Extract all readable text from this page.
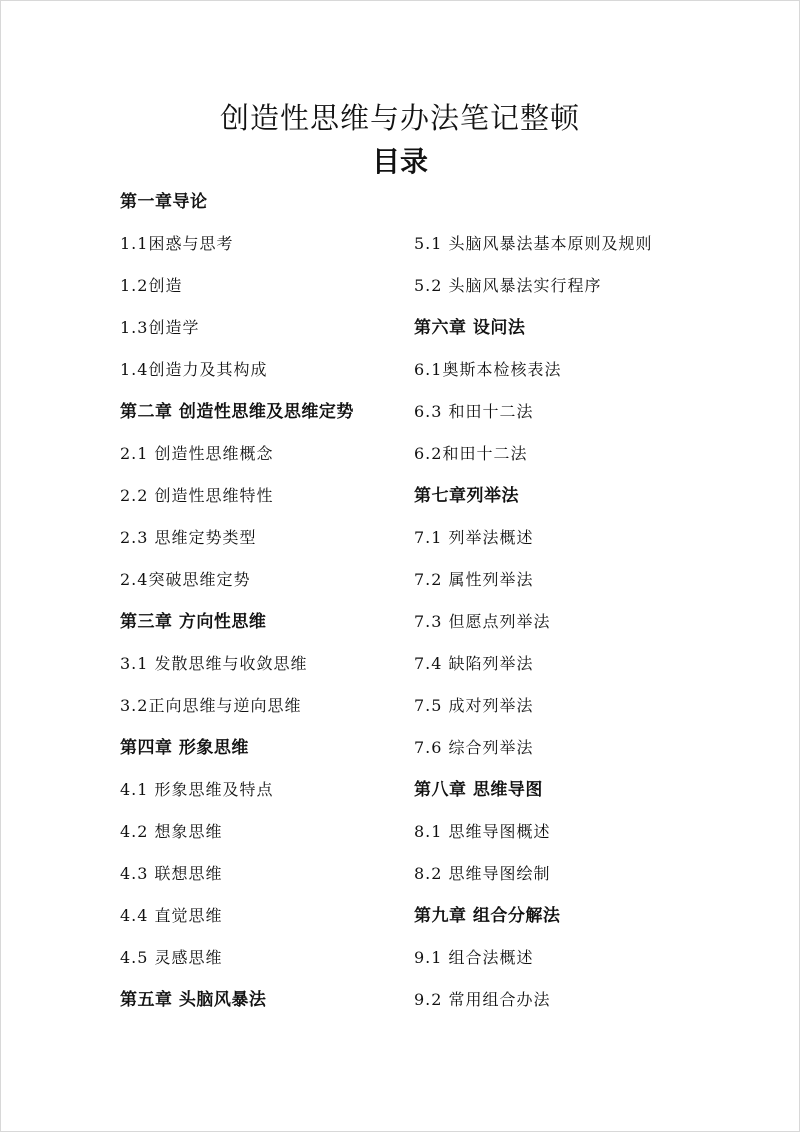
创造性思维与办法笔记整顿
目录
第一章导论
1.1困惑与思考
1.2创造
1.3创造学
1.4创造力及其构成
第二章 创造性思维及思维定势
2.1 创造性思维概念
2.2 创造性思维特性
2.3 思维定势类型
2.4突破思维定势
第三章 方向性思维
3.1 发散思维与收敛思维
3.2正向思维与逆向思维
第四章 形象思维
4.1 形象思维及特点
4.2 想象思维
4.3 联想思维
4.4 直觉思维
4.5 灵感思维
第五章 头脑风暴法
5.1 头脑风暴法基本原则及规则
5.2 头脑风暴法实行程序
第六章 设问法
6.1奥斯本检核表法
6.3 和田十二法
6.2和田十二法
第七章列举法
7.1 列举法概述
7.2 属性列举法
7.3 但愿点列举法
7.4 缺陷列举法
7.5 成对列举法
7.6 综合列举法
第八章 思维导图
8.1 思维导图概述
8.2 思维导图绘制
第九章 组合分解法
9.1 组合法概述
9.2 常用组合办法
